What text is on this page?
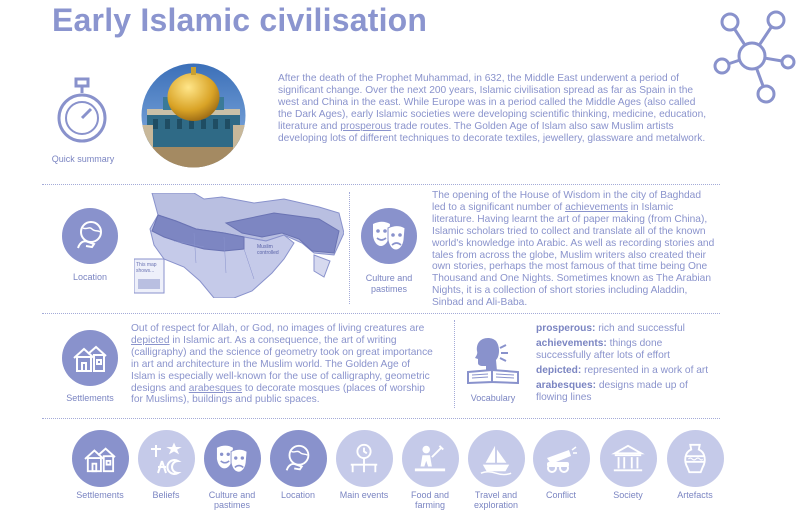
Early Islamic civilisation
Quick summary

After the death of the Prophet Muhammad, in 632, the Middle East underwent a period of significant change. Over the next 200 years, Islamic civilisation spread as far as Spain in the west and China in the east. While Europe was in a period called the Middle Ages (also called the Dark Ages), early Islamic societies were developing scientific thinking, medicine, education, literature and prosperous trade routes. The Golden Age of Islam also saw Muslim artists developing lots of different techniques to decorate textiles, jewellery, glassware and metalwork.

Location
This map
shows...
Muslim
controlled
Culture and
pastimes

The opening of the House of Wisdom in the city of Baghdad led to a significant number of achievements in Islamic literature. Having learnt the art of paper making (from China), Islamic scholars tried to collect and translate all of the known world's knowledge into Arabic. As well as recording stories and tales from across the globe, Muslim writers also created their own stories, perhaps the most famous of that time being One Thousand and One Nights. Sometimes known as The Arabian Nights, it is a collection of short stories including Aladdin, Sinbad and Ali-Baba.

Settlements

Out of respect for Allah, or God, no images of living creatures are depicted in Islamic art. As a consequence, the art of writing (calligraphy) and the science of geometry took on great importance in art and architecture in the Muslim world. The Golden Age of Islam is especially well-known for the use of calligraphy, geometric designs and arabesques to decorate mosques (places of worship for Muslims), buildings and public spaces.	Vocabulary

prosperous: rich and successful

achievements: things done successfully after lots of effort

depicted: represented in a work of art

arabesques: designs made up of flowing lines

Settlements	Beliefs	Culture and pastimes
Location	Main events	Food and farming
Travel and exploration
Conflict	Society	Artefacts
